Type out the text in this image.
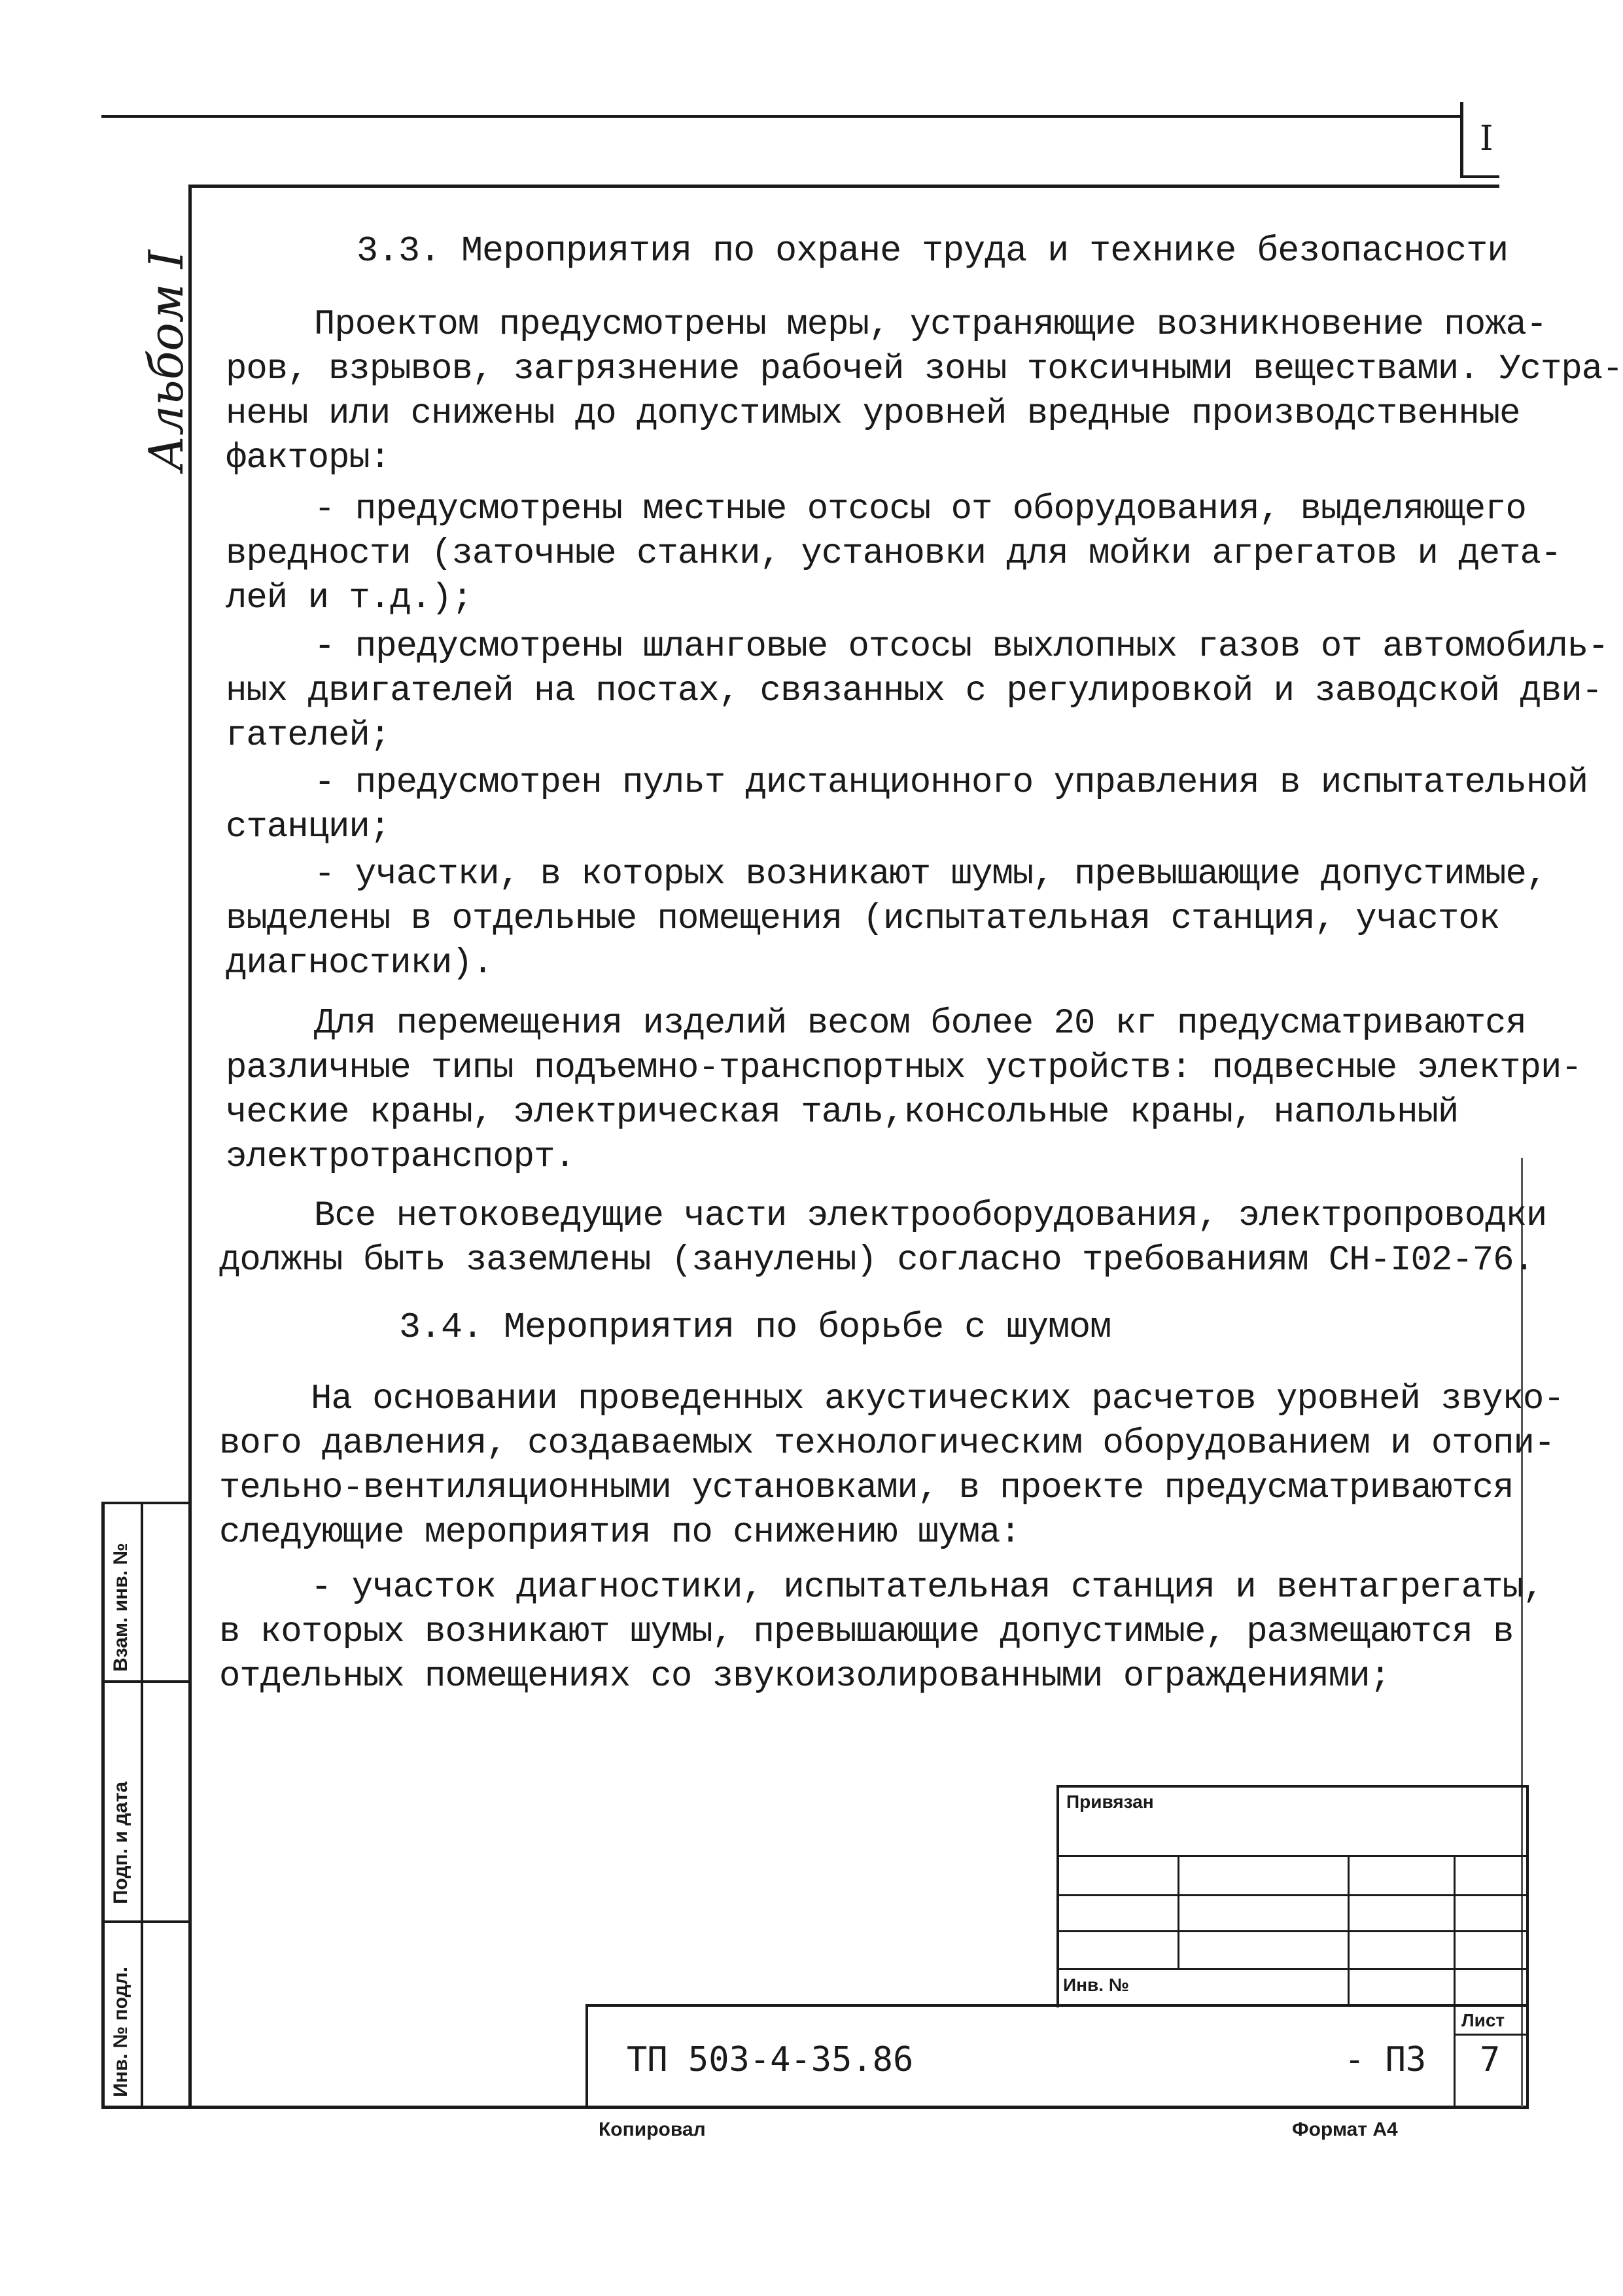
I
Альбом I
Взам. инв. №
Подп. и дата
Инв. № подл.
3.3. Мероприятия по охране труда и технике безопасности
Проектом предусмотрены меры, устраняющие возникновение пожа-
ров, взрывов, загрязнение рабочей зоны токсичными веществами. Устра-
нены или снижены до допустимых уровней вредные производственные
факторы:
- предусмотрены местные отсосы от оборудования, выделяющего
вредности (заточные станки, установки для мойки агрегатов и дета-
лей и т.д.);
- предусмотрены шланговые отсосы выхлопных газов от автомобиль-
ных двигателей на постах, связанных с регулировкой и заводской дви-
гателей;
- предусмотрен пульт дистанционного управления в испытательной
станции;
- участки, в которых возникают шумы, превышающие допустимые,
выделены в отдельные помещения (испытательная станция, участок
диагностики).
Для перемещения изделий весом более 20 кг предусматриваются
различные типы подъемно-транспортных устройств: подвесные электри-
ческие краны, электрическая таль,консольные краны, напольный
электротранспорт.
Все нетоковедущие части электрооборудования, электропроводки
должны быть заземлены (занулены) согласно требованиям СН-I02-76.
3.4. Мероприятия по борьбе с шумом
На основании проведенных акустических расчетов уровней звуко-
вого давления, создаваемых технологическим оборудованием и отопи-
тельно-вентиляционными установками, в проекте предусматриваются
следующие мероприятия по снижению шума:
- участок диагностики, испытательная станция и вентагрегаты,
в которых возникают шумы, превышающие допустимые, размещаются в
отдельных помещениях со звукоизолированными ограждениями;
Привязан
Инв. №
Лист
7
ТП 503-4-35.86	- ПЗ
Копировал	Формат А4
